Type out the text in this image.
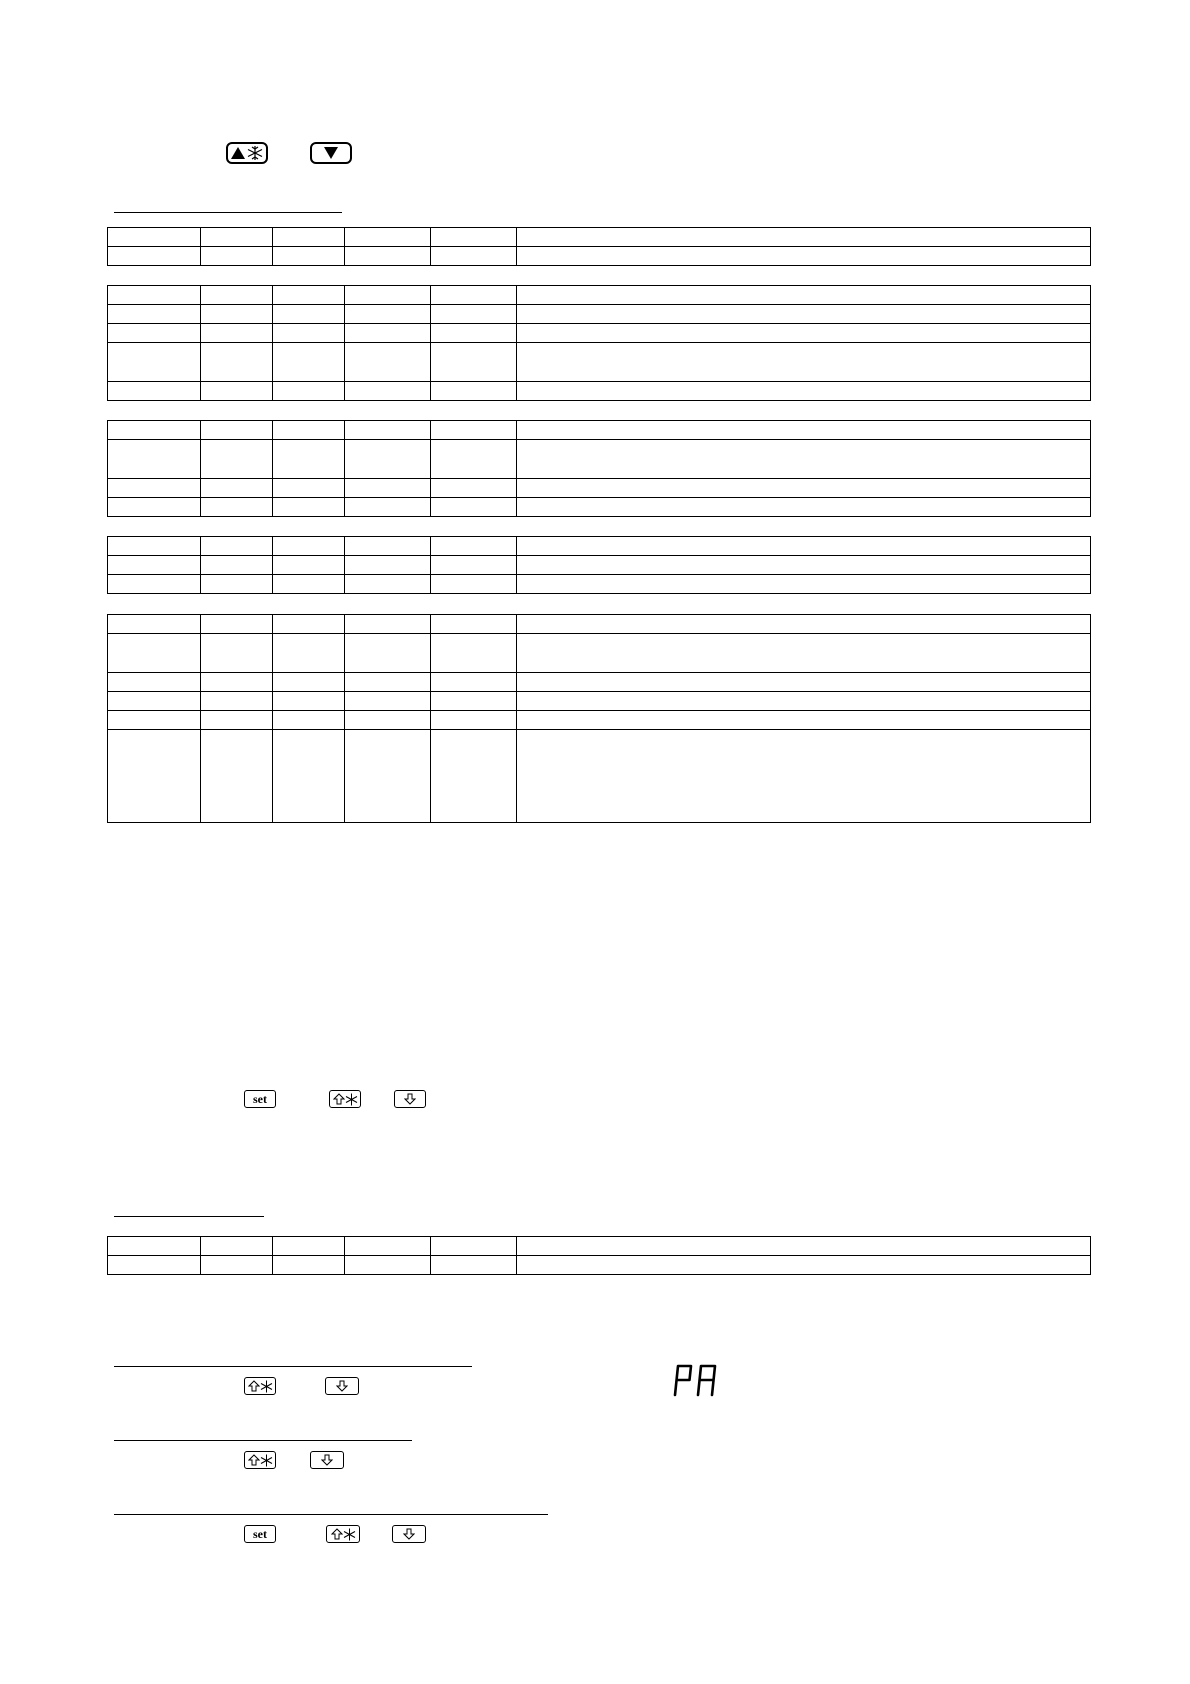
set

PA
set
